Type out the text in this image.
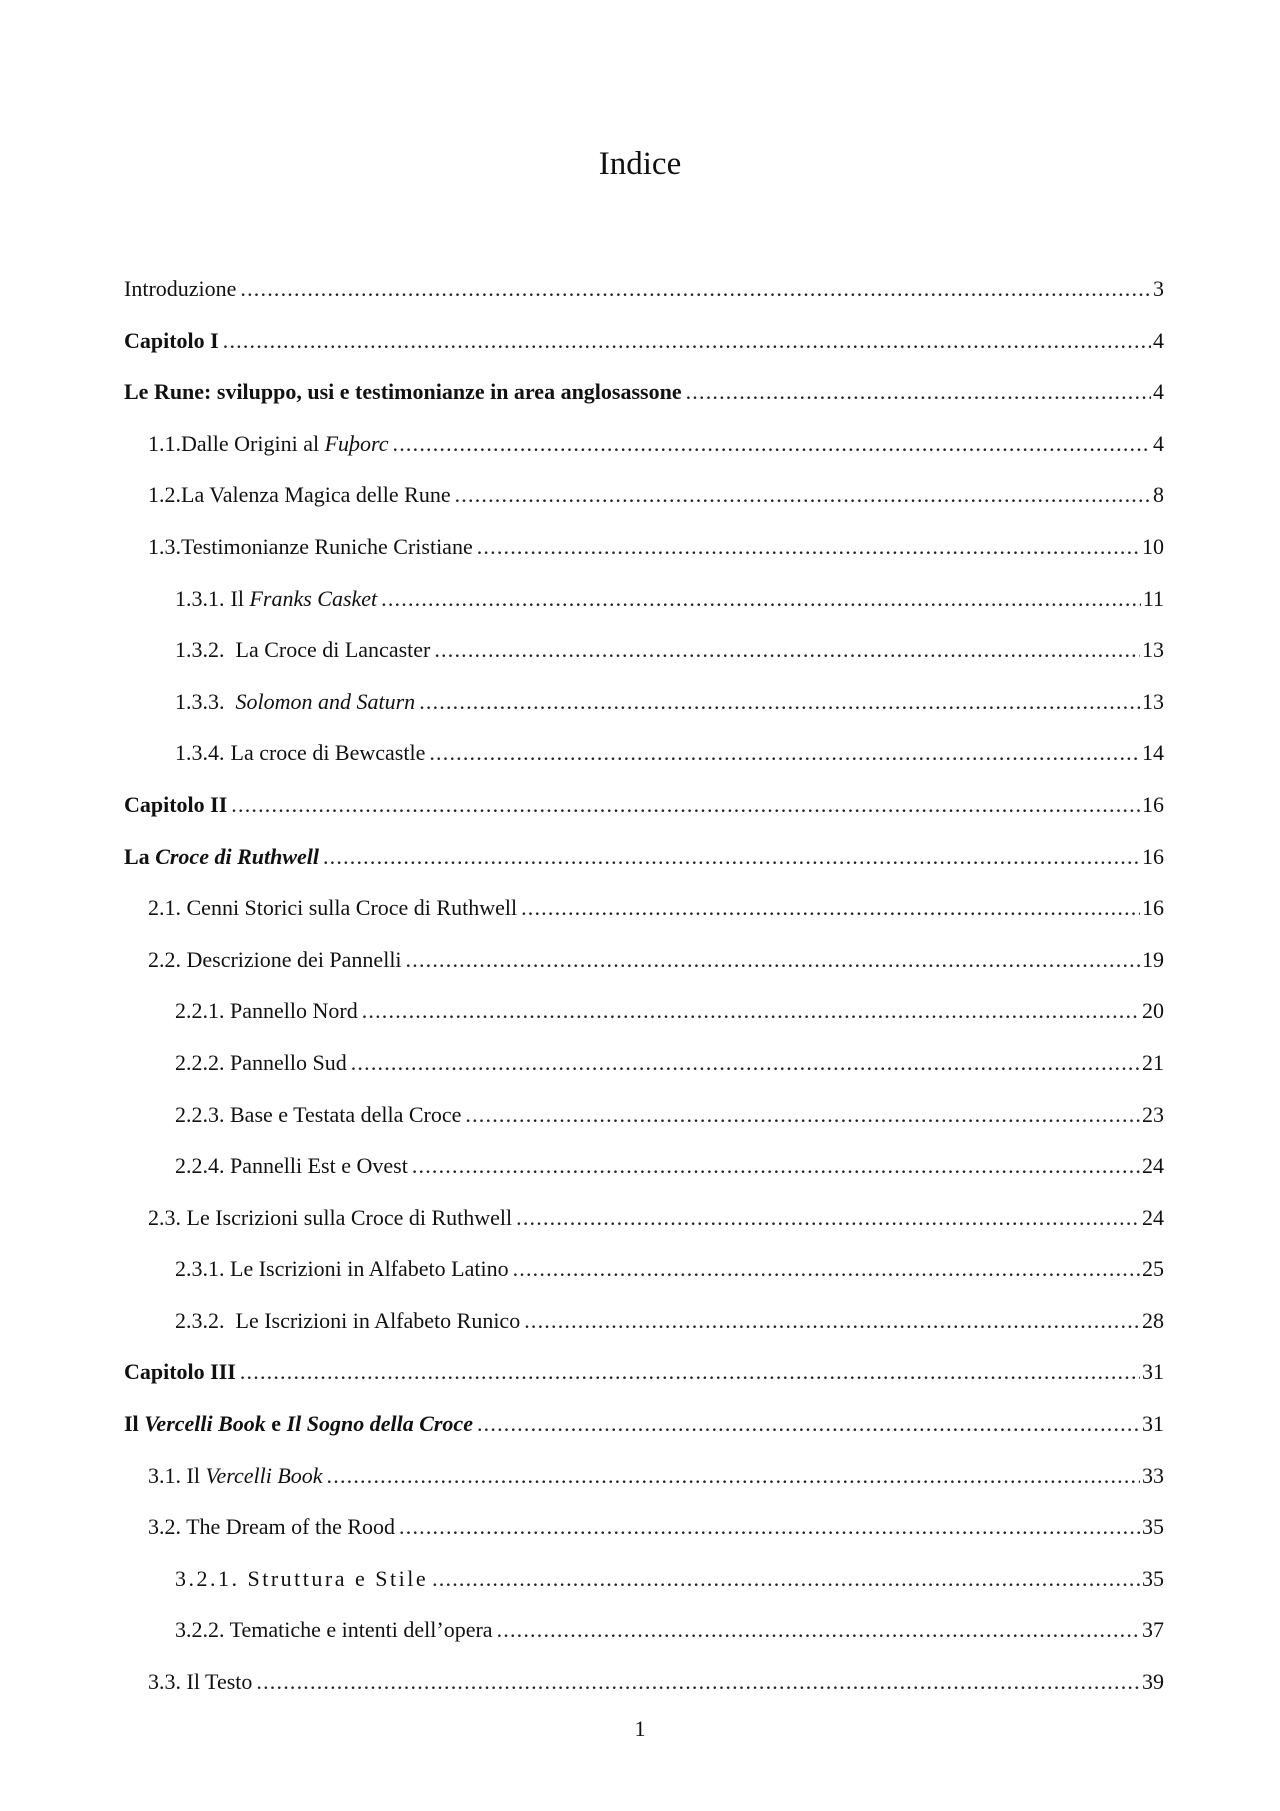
Indice
Introduzione .....	3
Capitolo I .....	4
Le Rune: sviluppo, usi e testimonianze in area anglosassone .....	4
1.1. Dalle Origini al Fuþorc .....	4
1.2. La Valenza Magica delle Rune .....	8
1.3. Testimonianze Runiche Cristiane .....	10
1.3.1. Il Franks Casket .....	11
1.3.2. La Croce di Lancaster .....	13
1.3.3. Solomon and Saturn .....	13
1.3.4. La croce di Bewcastle .....	14
Capitolo II .....	16
La Croce di Ruthwell .....	16
2.1. Cenni Storici sulla Croce di Ruthwell .....	16
2.2. Descrizione dei Pannelli .....	19
2.2.1. Pannello Nord .....	20
2.2.2. Pannello Sud .....	21
2.2.3. Base e Testata della Croce .....	23
2.2.4. Pannelli Est e Ovest .....	24
2.3. Le Iscrizioni sulla Croce di Ruthwell .....	24
2.3.1. Le Iscrizioni in Alfabeto Latino .....	25
2.3.2. Le Iscrizioni in Alfabeto Runico .....	28
Capitolo III .....	31
Il Vercelli Book e Il Sogno della Croce .....	31
3.1. Il Vercelli Book .....	33
3.2. The Dream of the Rood .....	35
3.2.1. Struttura e Stile .....	35
3.2.2. Tematiche e intenti dell’opera .....	37
3.3. Il Testo .....	39
1
